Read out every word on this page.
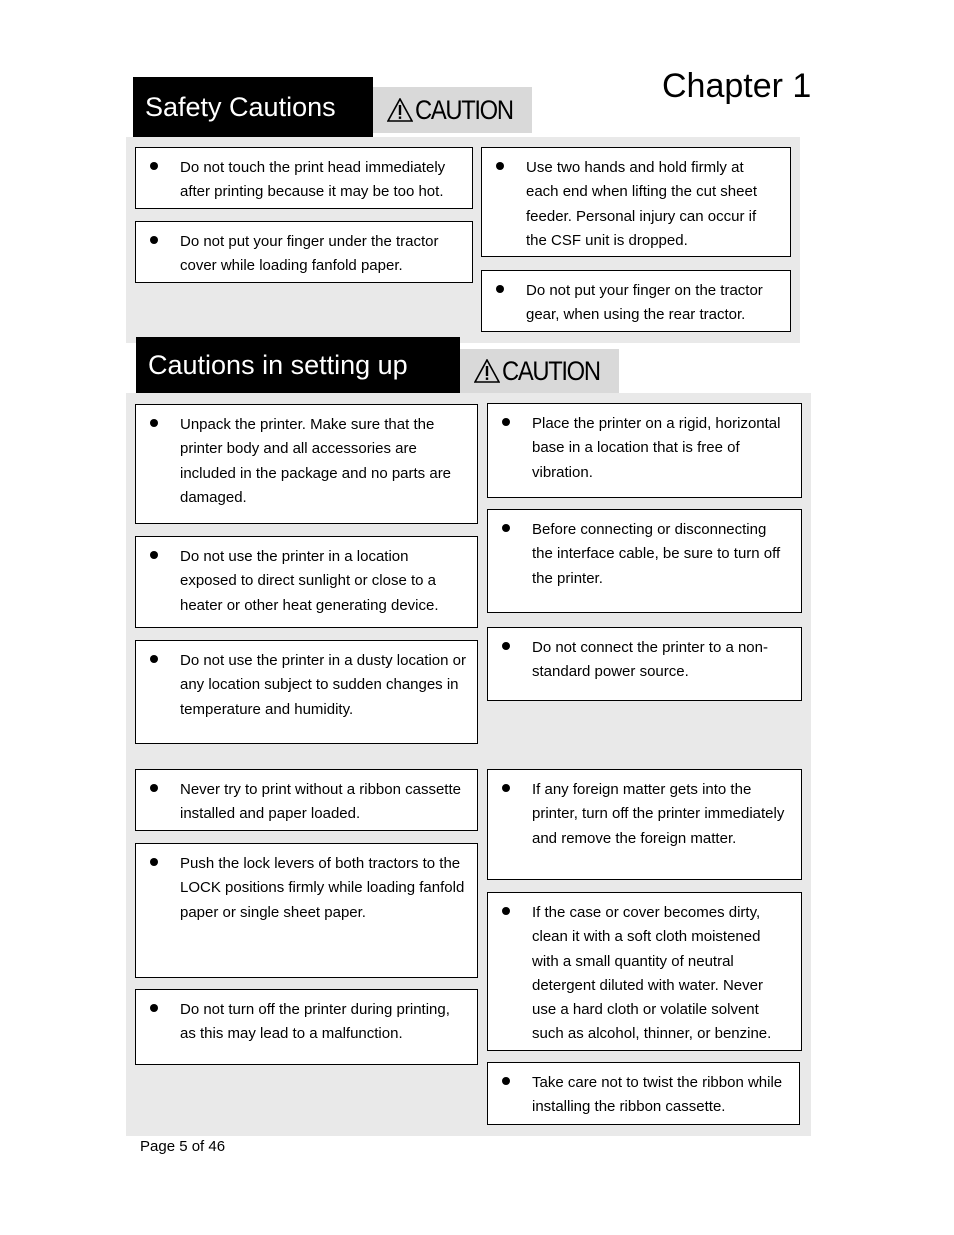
Chapter 1
Safety Cautions	CAUTION

Do not touch the print head immediately after printing because it may be too hot.

Do not put your finger under the tractor cover while loading fanfold paper.

Use two hands and hold firmly at each end when lifting the cut sheet feeder. Personal injury can occur if the CSF unit is dropped.

Do not put your finger on the tractor gear, when using the rear tractor.

Cautions in setting up	CAUTION

Unpack the printer. Make sure that the printer body and all accessories are included in the package and no parts are damaged.

Do not use the printer in a location exposed to direct sunlight or close to a heater or other heat generating device.

Do not use the printer in a dusty location or any location subject to sudden changes in temperature and humidity.

Never try to print without a ribbon cassette installed and paper loaded.

Push the lock levers of both tractors to the LOCK positions firmly while loading fanfold paper or single sheet paper.

Do not turn off the printer during printing, as this may lead to a malfunction.

Place the printer on a rigid, horizontal base in a location that is free of vibration.

Before connecting or disconnecting the interface cable, be sure to turn off the printer.

Do not connect the printer to a non-standard power source.

If any foreign matter gets into the printer, turn off the printer immediately and remove the foreign matter.

If the case or cover becomes dirty, clean it with a soft cloth moistened with a small quantity of neutral detergent diluted with water. Never use a hard cloth or volatile solvent such as alcohol, thinner, or benzine.

Take care not to twist the ribbon while installing the ribbon cassette.

Page 5 of 46
